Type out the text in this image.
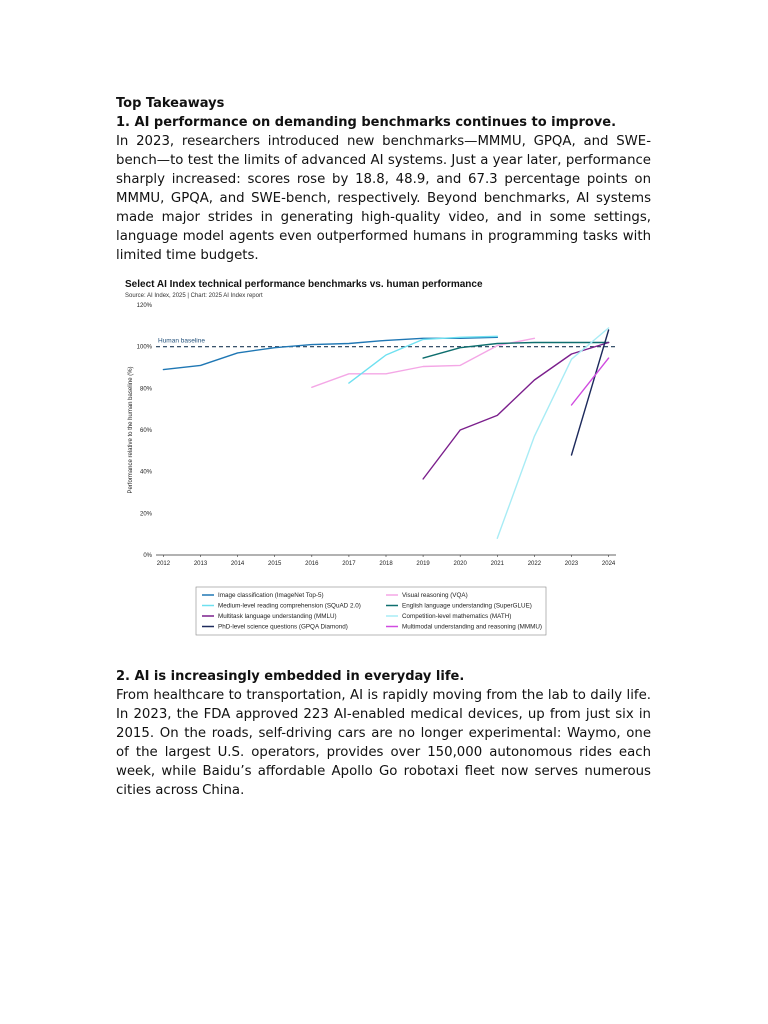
Top Takeaways

1. AI performance on demanding benchmarks continues to improve.

In 2023, researchers introduced new benchmarks—MMMU, GPQA, and SWE-bench—to test the limits of advanced AI systems. Just a year later, performance sharply increased: scores rose by 18.8, 48.9, and 67.3 percentage points on MMMU, GPQA, and SWE-bench, respectively. Beyond benchmarks, AI systems made major strides in generating high-quality video, and in some settings, language model agents even outperformed humans in programming tasks with limited time budgets.

Select AI Index technical performance benchmarks vs. human performance
Source: AI Index, 2025 | Chart: 2025 AI Index report
0%
20%
40%
60%
80%
100%
120%
2012	2013	2014	2015	2016	2017	2018	2019	2020	2021	2022	2023	2024
Performance relative to the human baseline (%)
Human baseline
Image classification (ImageNet Top-5)	Visual reasoning (VQA)
Medium-level reading comprehension (SQuAD 2.0)	English language understanding (SuperGLUE)
Multitask language understanding (MMLU)	Competition-level mathematics (MATH)
PhD-level science questions (GPQA Diamond)	Multimodal understanding and reasoning (MMMU)

2. AI is increasingly embedded in everyday life.

From healthcare to transportation, AI is rapidly moving from the lab to daily life. In 2023, the FDA approved 223 AI-enabled medical devices, up from just six in 2015. On the roads, self-driving cars are no longer experimental: Waymo, one of the largest U.S. operators, provides over 150,000 autonomous rides each week, while Baidu’s affordable Apollo Go robotaxi fleet now serves numerous cities across China.
